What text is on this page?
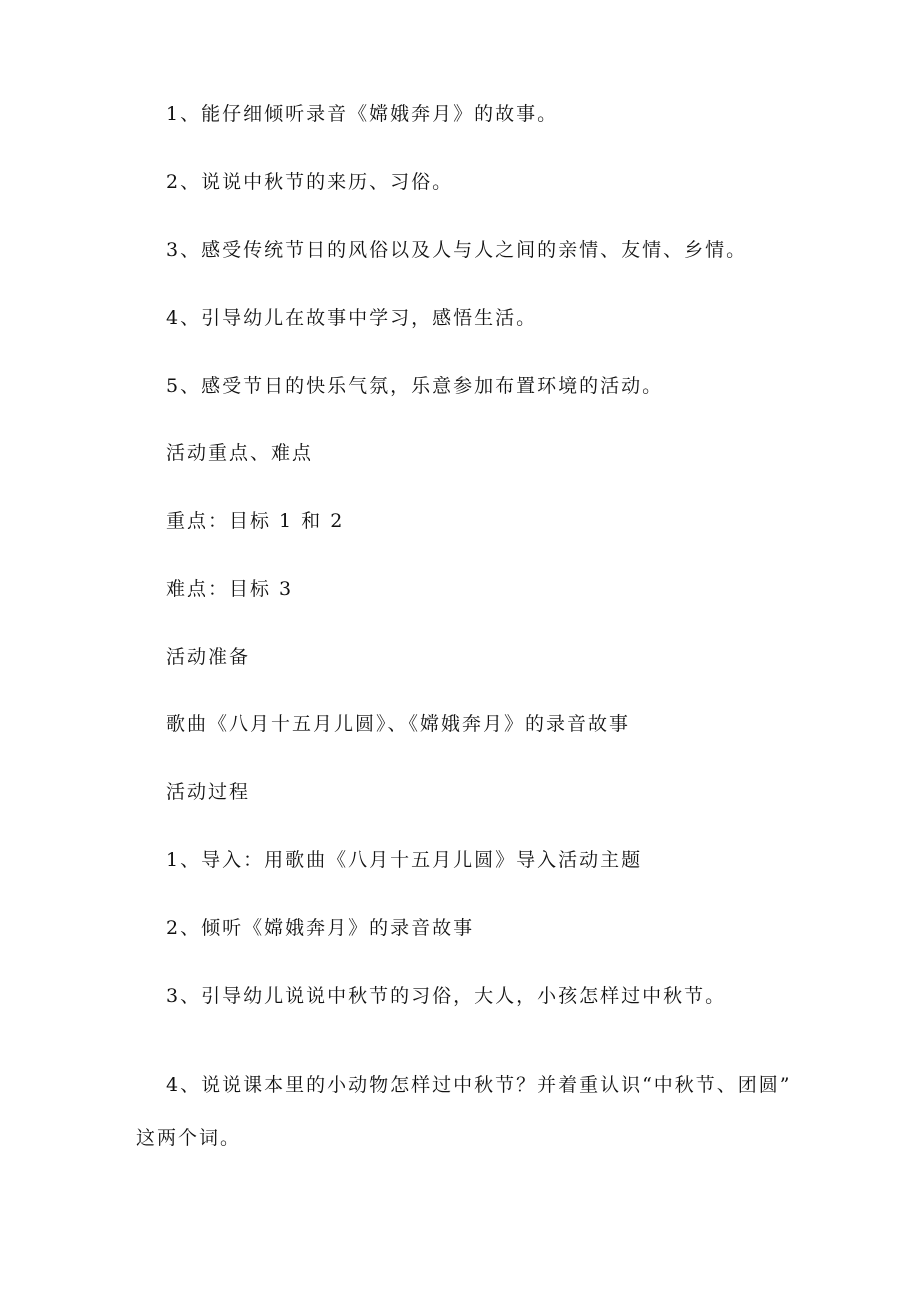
1、能仔细倾听录音《嫦娥奔月》的故事。
2、说说中秋节的来历、习俗。
3、感受传统节日的风俗以及人与人之间的亲情、友情、乡情。
4、引导幼儿在故事中学习，感悟生活。
5、感受节日的快乐气氛，乐意参加布置环境的活动。
活动重点、难点
重点：目标 1 和 2
难点：目标 3
活动准备
歌曲《八月十五月儿圆》、《嫦娥奔月》的录音故事
活动过程
1、导入：用歌曲《八月十五月儿圆》导入活动主题
2、倾听《嫦娥奔月》的录音故事
3、引导幼儿说说中秋节的习俗，大人，小孩怎样过中秋节。
4、说说课本里的小动物怎样过中秋节？并着重认识“中秋节、团圆”
这两个词。
